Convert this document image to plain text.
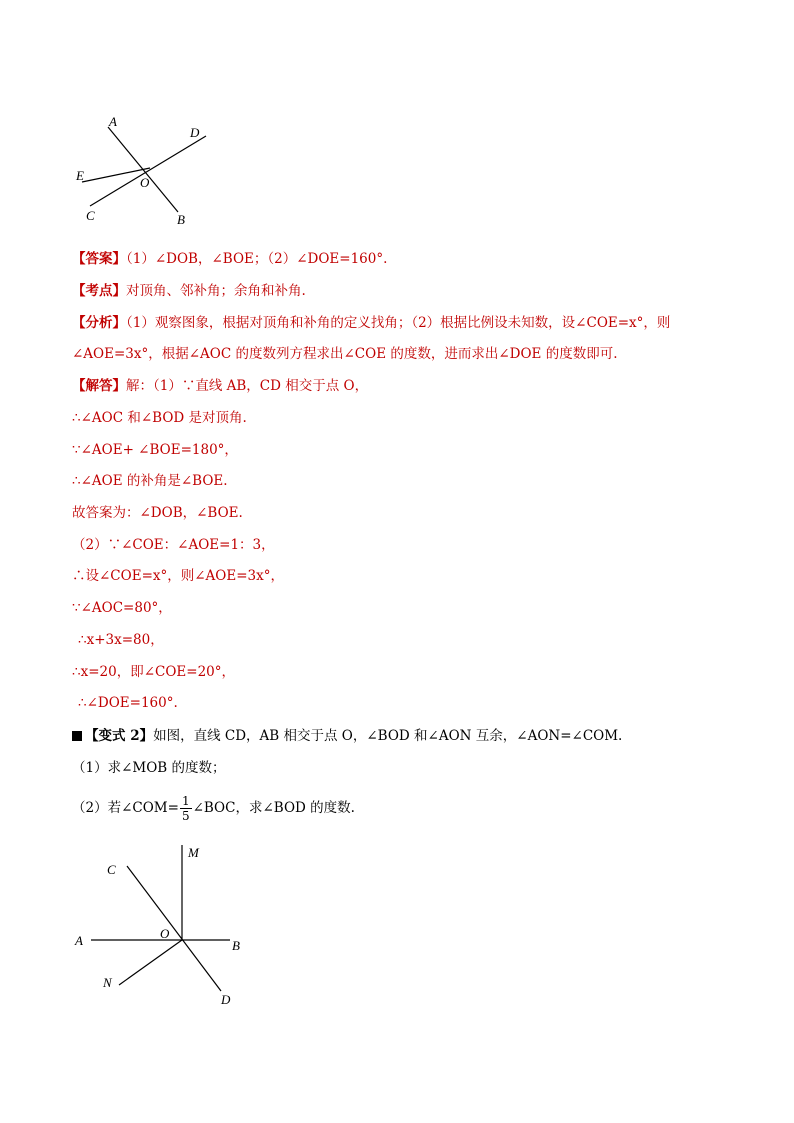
A
D
E	O
C	B
【答案】（1）∠DOB，∠BOE；（2）∠DOE=160°.
【考点】对顶角、邻补角；余角和补角.
【分析】（1）观察图象，根据对顶角和补角的定义找角；（2）根据比例设未知数，设∠COE=x°，则
∠AOE=3x°，根据∠AOC 的度数列方程求出∠COE 的度数，进而求出∠DOE 的度数即可.
【解答】解：（1）∵直线 AB，CD 相交于点 O，
∴∠AOC 和∠BOD 是对顶角.
∵∠AOE+ ∠BOE=180°，
∴∠AOE 的补角是∠BOE.
故答案为：∠DOB，∠BOE.
（2）∵∠COE：∠AOE=1：3，
∴设∠COE=x°，则∠AOE=3x°，
∵∠AOC=80°，
∴x+3x=80，
∴x=20，即∠COE=20°，
∴∠DOE=160°.
【变式 2】如图，直线 CD，AB 相交于点 O，∠BOD 和∠AON 互余，∠AON=∠COM.
（1）求∠MOB 的度数；
（2）若∠COM= $\frac{1}{5}$ ∠BOC，求∠BOD 的度数.
C
M
A	O
B
N
D
